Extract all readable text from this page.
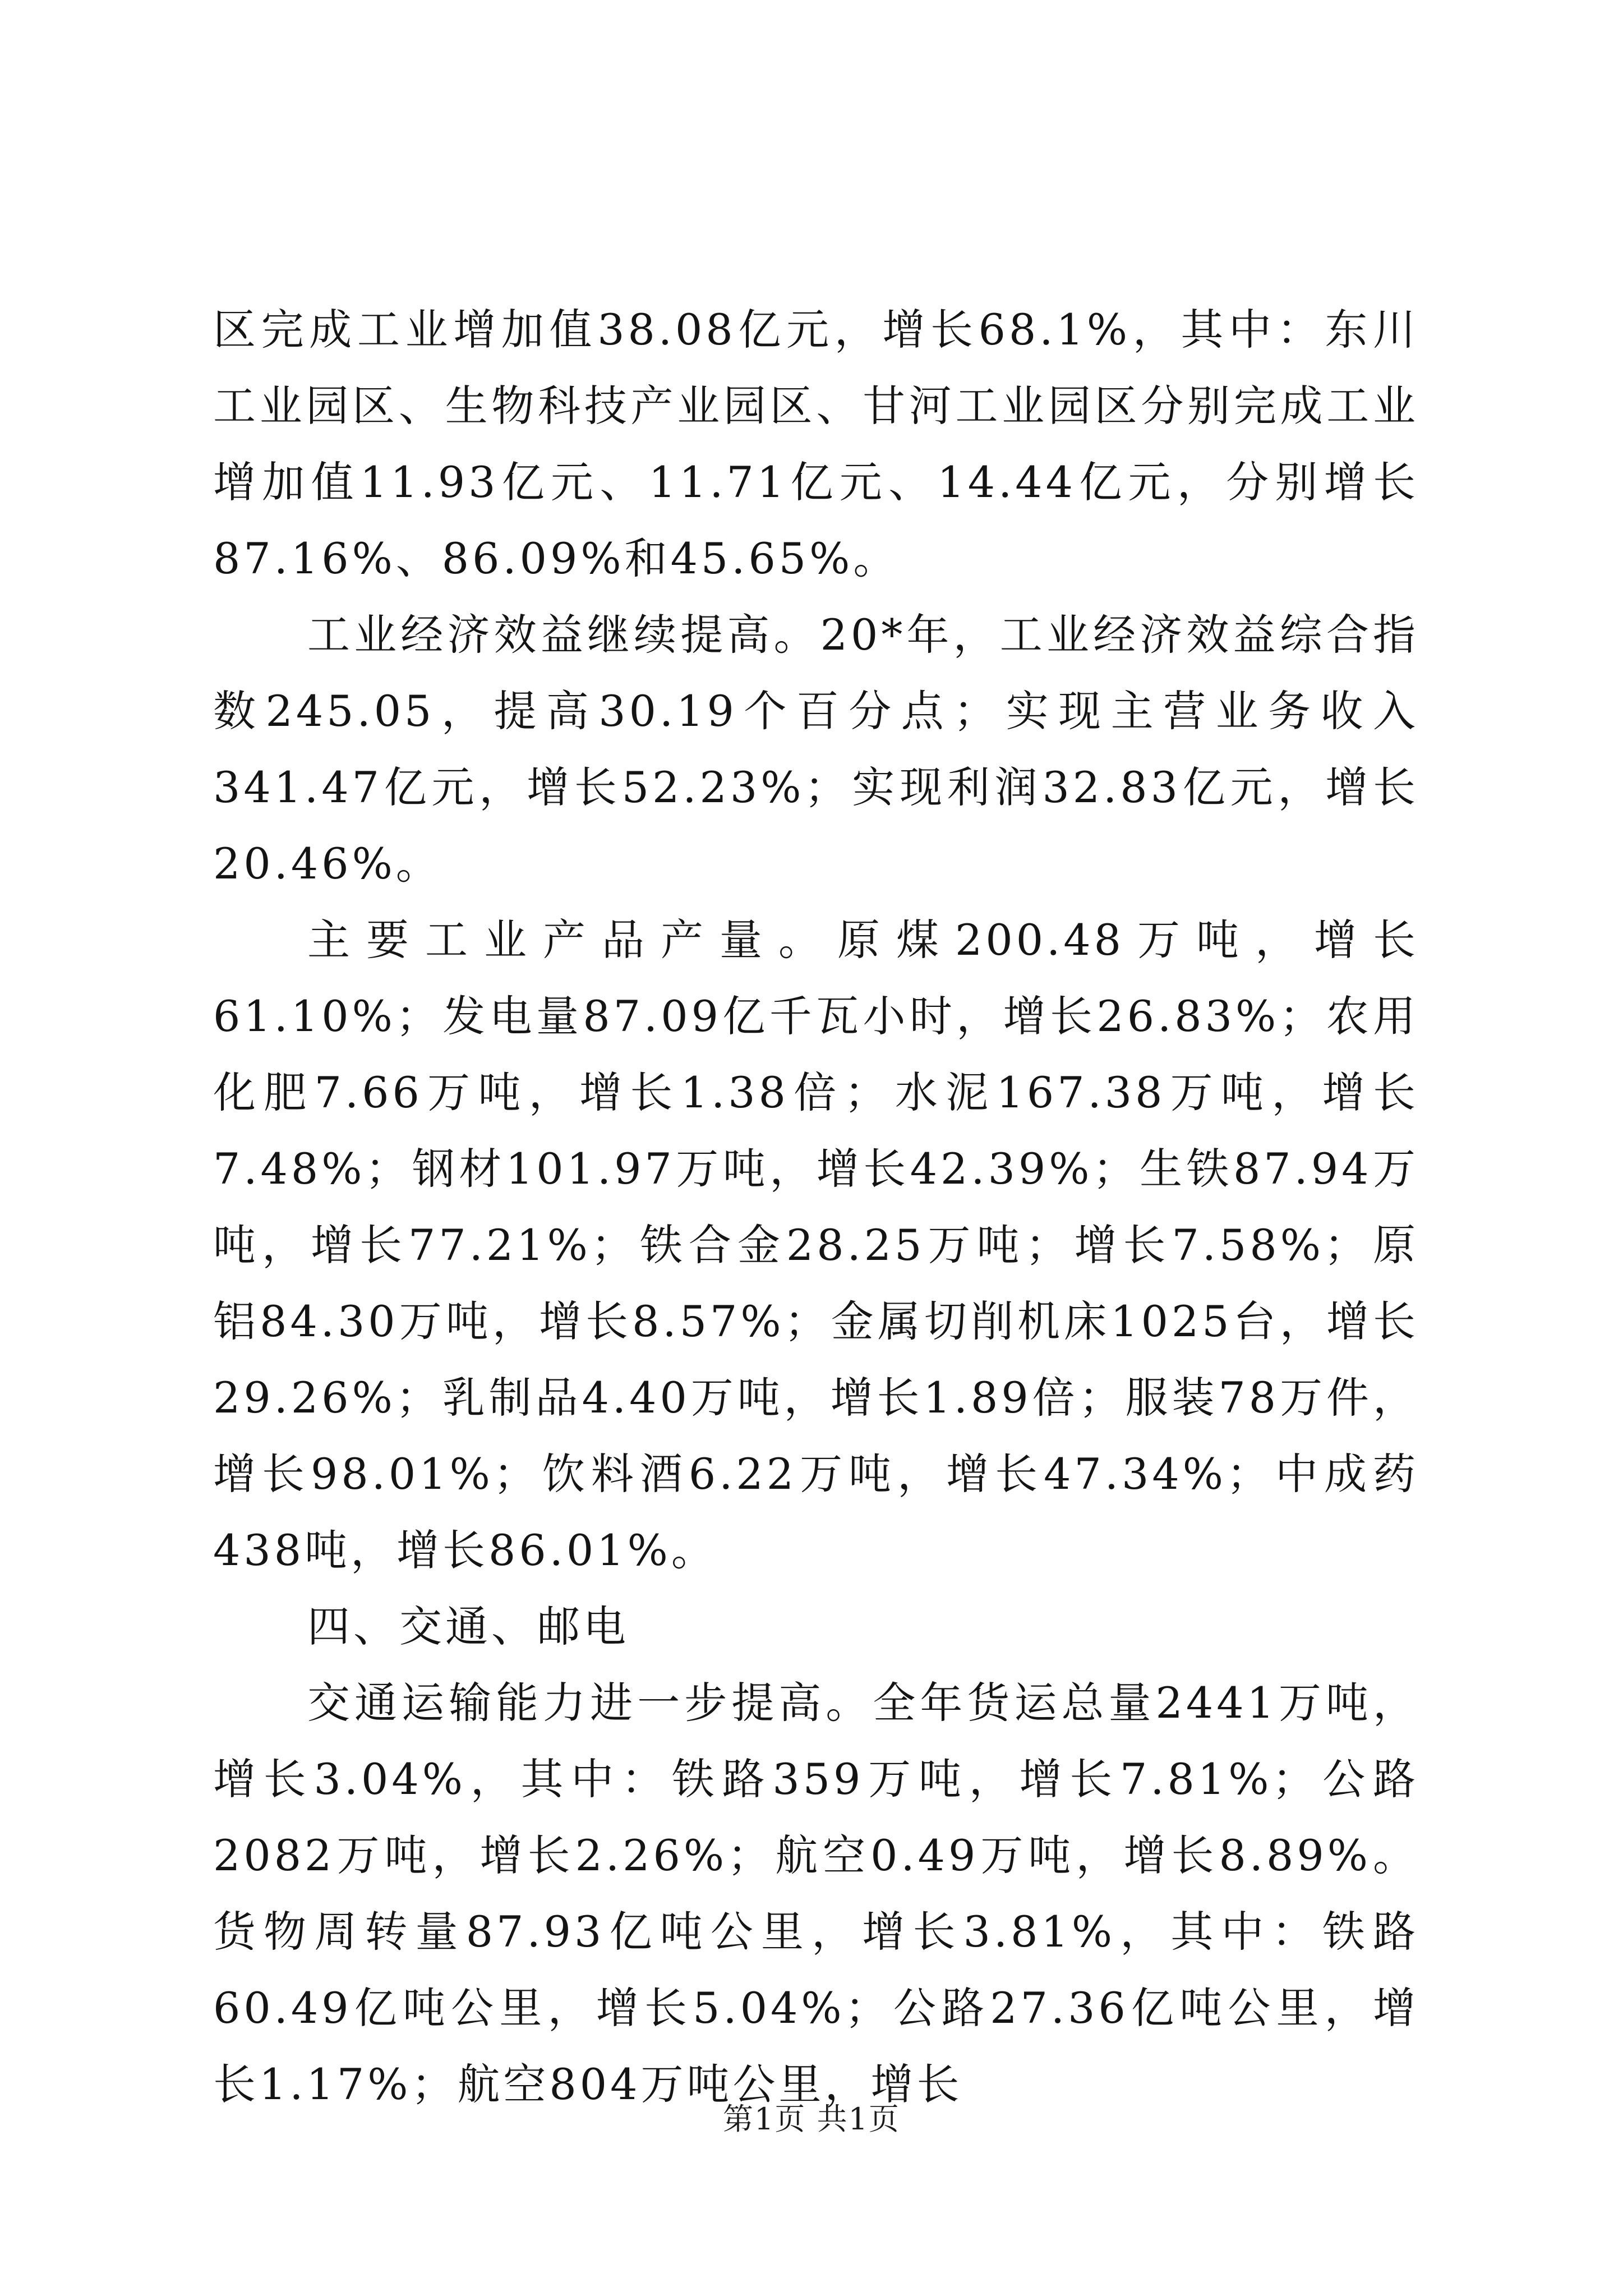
区完成工业增加值38.08亿元，增长68.1%，其中：东川工业园区、生物科技产业园区、甘河工业园区分别完成工业增加值11.93亿元、11.71亿元、14.44亿元，分别增长87.16%、86.09%和45.65%。

工业经济效益继续提高。20*年，工业经济效益综合指数245.05，提高30.19个百分点；实现主营业务收入341.47亿元，增长52.23%；实现利润32.83亿元，增长20.46%。

主要工业产品产量。原煤200.48万吨，增长61.10%；发电量87.09亿千瓦小时，增长26.83%；农用化肥7.66万吨，增长1.38倍；水泥167.38万吨，增长7.48%；钢材101.97万吨，增长42.39%；生铁87.94万吨，增长77.21%；铁合金28.25万吨；增长7.58%；原铝84.30万吨，增长8.57%；金属切削机床1025台，增长29.26%；乳制品4.40万吨，增长1.89倍；服装78万件，增长98.01%；饮料酒6.22万吨，增长47.34%；中成药438吨，增长86.01%。

四、交通、邮电

交通运输能力进一步提高。全年货运总量2441万吨，增长3.04%，其中：铁路359万吨，增长7.81%；公路2082万吨，增长2.26%；航空0.49万吨，增长8.89%。货物周转量87.93亿吨公里，增长3.81%，其中：铁路60.49亿吨公里，增长5.04%；公路27.36亿吨公里，增长1.17%；航空804万吨公里，增长

第1页 共1页
